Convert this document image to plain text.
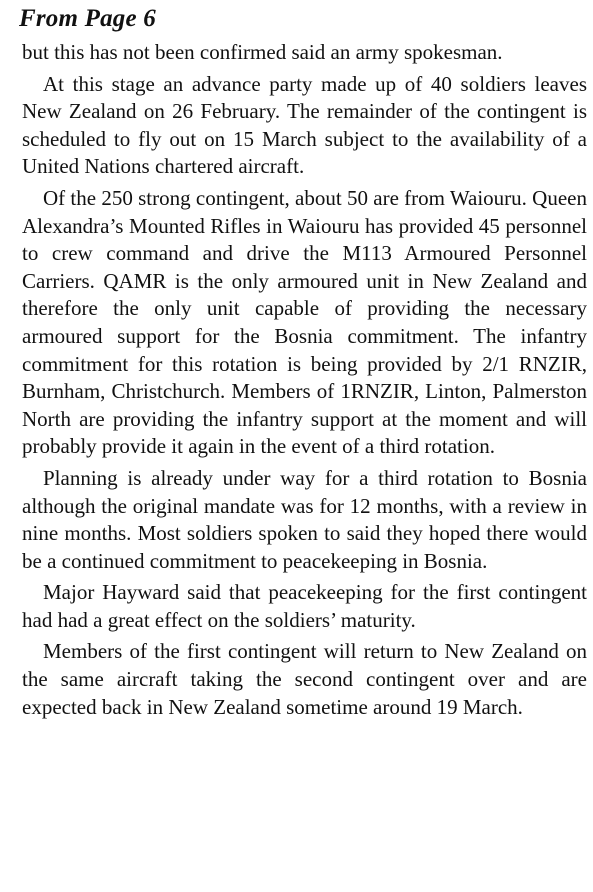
From Page 6

but this has not been confirmed said an army spokesman.

At this stage an advance party made up of 40 soldiers leaves New Zealand on 26 February. The remainder of the contingent is scheduled to fly out on 15 March subject to the availability of a United Nations chartered aircraft.

Of the 250 strong contingent, about 50 are from Waiouru. Queen Alexandra’s Mounted Rifles in Waiouru has provided 45 personnel to crew command and drive the M113 Armoured Personnel Carriers. QAMR is the only armoured unit in New Zealand and therefore the only unit capable of providing the necessary armoured support for the Bosnia commitment. The infantry commitment for this rotation is being provided by 2/1 RNZIR, Burnham, Christchurch. Members of 1RNZIR, Linton, Palmerston North are providing the infantry support at the moment and will probably provide it again in the event of a third rotation.

Planning is already under way for a third rotation to Bosnia although the original mandate was for 12 months, with a review in nine months. Most soldiers spoken to said they hoped there would be a continued commitment to peacekeeping in Bosnia.

Major Hayward said that peacekeeping for the first contingent had had a great effect on the soldiers’ maturity.

Members of the first contingent will return to New Zealand on the same aircraft taking the second contingent over and are expected back in New Zealand sometime around 19 March.
